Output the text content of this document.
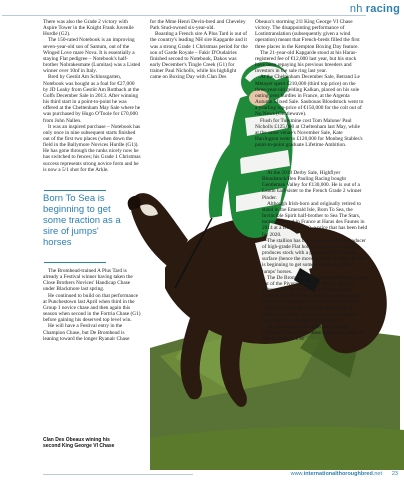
nh racing

There was also the Grade 2 victory with Aspire Tower in the Knight Frank Juvenile Hurdle (G2).

The 150-rated Notebook is an improving seven-year-old son of Samum, out of the Winged Love mare Nova. It is essentially a staying Flat pedigree – Notebook's half-brother Nobrakesmate (Lumitas) was a Listed winner over 10nf in Italy.

Bred by Gestüt Am Schlossgarten, Notebook was bought as a foal for €27,000 by JD Leahy from Gestüt Am Rottbach at the Goffs December Sale in 2013. After winning his third start in a point-to-point he was offered at the Cheltenham May Sale where he was purchased by Hugo O'Toole for £70,000 from John Nallen.

It was an inspired purchase – Notebook has only once in nine subsequent starts finished out of the first two places (when down the field in the Ballymore Novices Hurdle (G1)). He has gone through the ranks nicely now he has switched to fences; his Grade 1 Christmas success represents strong novice form and he is now a 5/1 shot for the Arkle.

Born To Sea is beginning to get some traction as a sire of jumps' horses

The Bromhead-trained A Plus Tard is already a Festival winner having taken the Close Brothers Novices' Handicap Chase under Blackmore last spring.

He continued to build on that performance at Punchestown last April when third in the Group 1 novice chase and then again this season when second in the Fortria Chase (G1) before gaining his deserved top level win.

He will have a Festival entry in the Champion Chase, but De Bromhead is leaning toward the longer Ryanair Chase

Clan Des Obeaux wining his second King George VI Chase

for the Mme Henri Devin-bred and Cheveley Park Stud-owned six-year-old.

Boasting a French sire A Plus Tard is out of the country's leading NH sire Kapgarde and it was a strong Grade 1 Christmas period for the son of Garde Royale – Fakir D'Oudairies finished second to Notebook, Dakos was early December's Tingle Creek (G1) for trainer Paul Nicholls, while his highlight came on Boxing Day with Clan Des

Obeaux's storming 21l King George VI Chase victory. The disappointing performance of Lostintranslation (subsequently given a wind operation) meant that French-breds filled the first three places in the Kempton Boxing Day feature.

The 21-year-old Kapgarde stood at his Haras-registered fee of €12,000 last year, but his stock have been repaying his previous breeders and investors in the sale ring last year.

At the Cheltenham December Sale, Betrand Le Metayer spent £210,000 (third top price) on the three-year-old gelding Kalkan, placed on his sole outing over hurdles in France, at the Argenta Autumn Mixed Sale. Saubouas Bloodstock went to a yearling top-price of €150,000 for the colt out of No News (Gentlewave).

Flush for Tuesmine cost Tom Malone/ Paul Nicholls £125,000 at Cheltenham last May, while at the same venue's November Sale, Kate Harrington went to £120,000 for Monbeg Stables's point-to-point graduate Lifetime Ambition.

At the 2019 Derby Sale, Highflyer Bloodstock/Ben Pauling Racing bought Gentleman Valley for €130,000. He is out of a Lando half-sister to the French Grade 2 winner Pinder.

Although Irish-born and originally retired to stand in the Emerald Isle, Born To Sea, the Invincible Spirit half-brother to Sea The Stars, moved to stand in France at Haras des Faunes in 2014 at a fee of €4,000, a price that has been held for 2020.

The stallion has been a disappointing producer of high-grade Flat horses, but as he seemingly produces stock with a preference for a softer surface (hence the move to France), Born To Sea is beginning to get some traction as a sire of jumps' horses.

The De Bromhead-trained Aspire Tower, who is out of the Pivotal mare Red Planet, was the impressive 18l winner of the Knight Frank Juvenile Hurdle (G2). The gelding was a useful enough campaigner on the Flat (rated 86), but really has found his feet over timber. He is currently heading to The Festival as a market leader for the Triumph Hurdle (G1).

De Bromhead stated after the gelding's Christmas victory that there may be an option to take in a Grade 1 en

www.internationalthoroughbred.net 23
